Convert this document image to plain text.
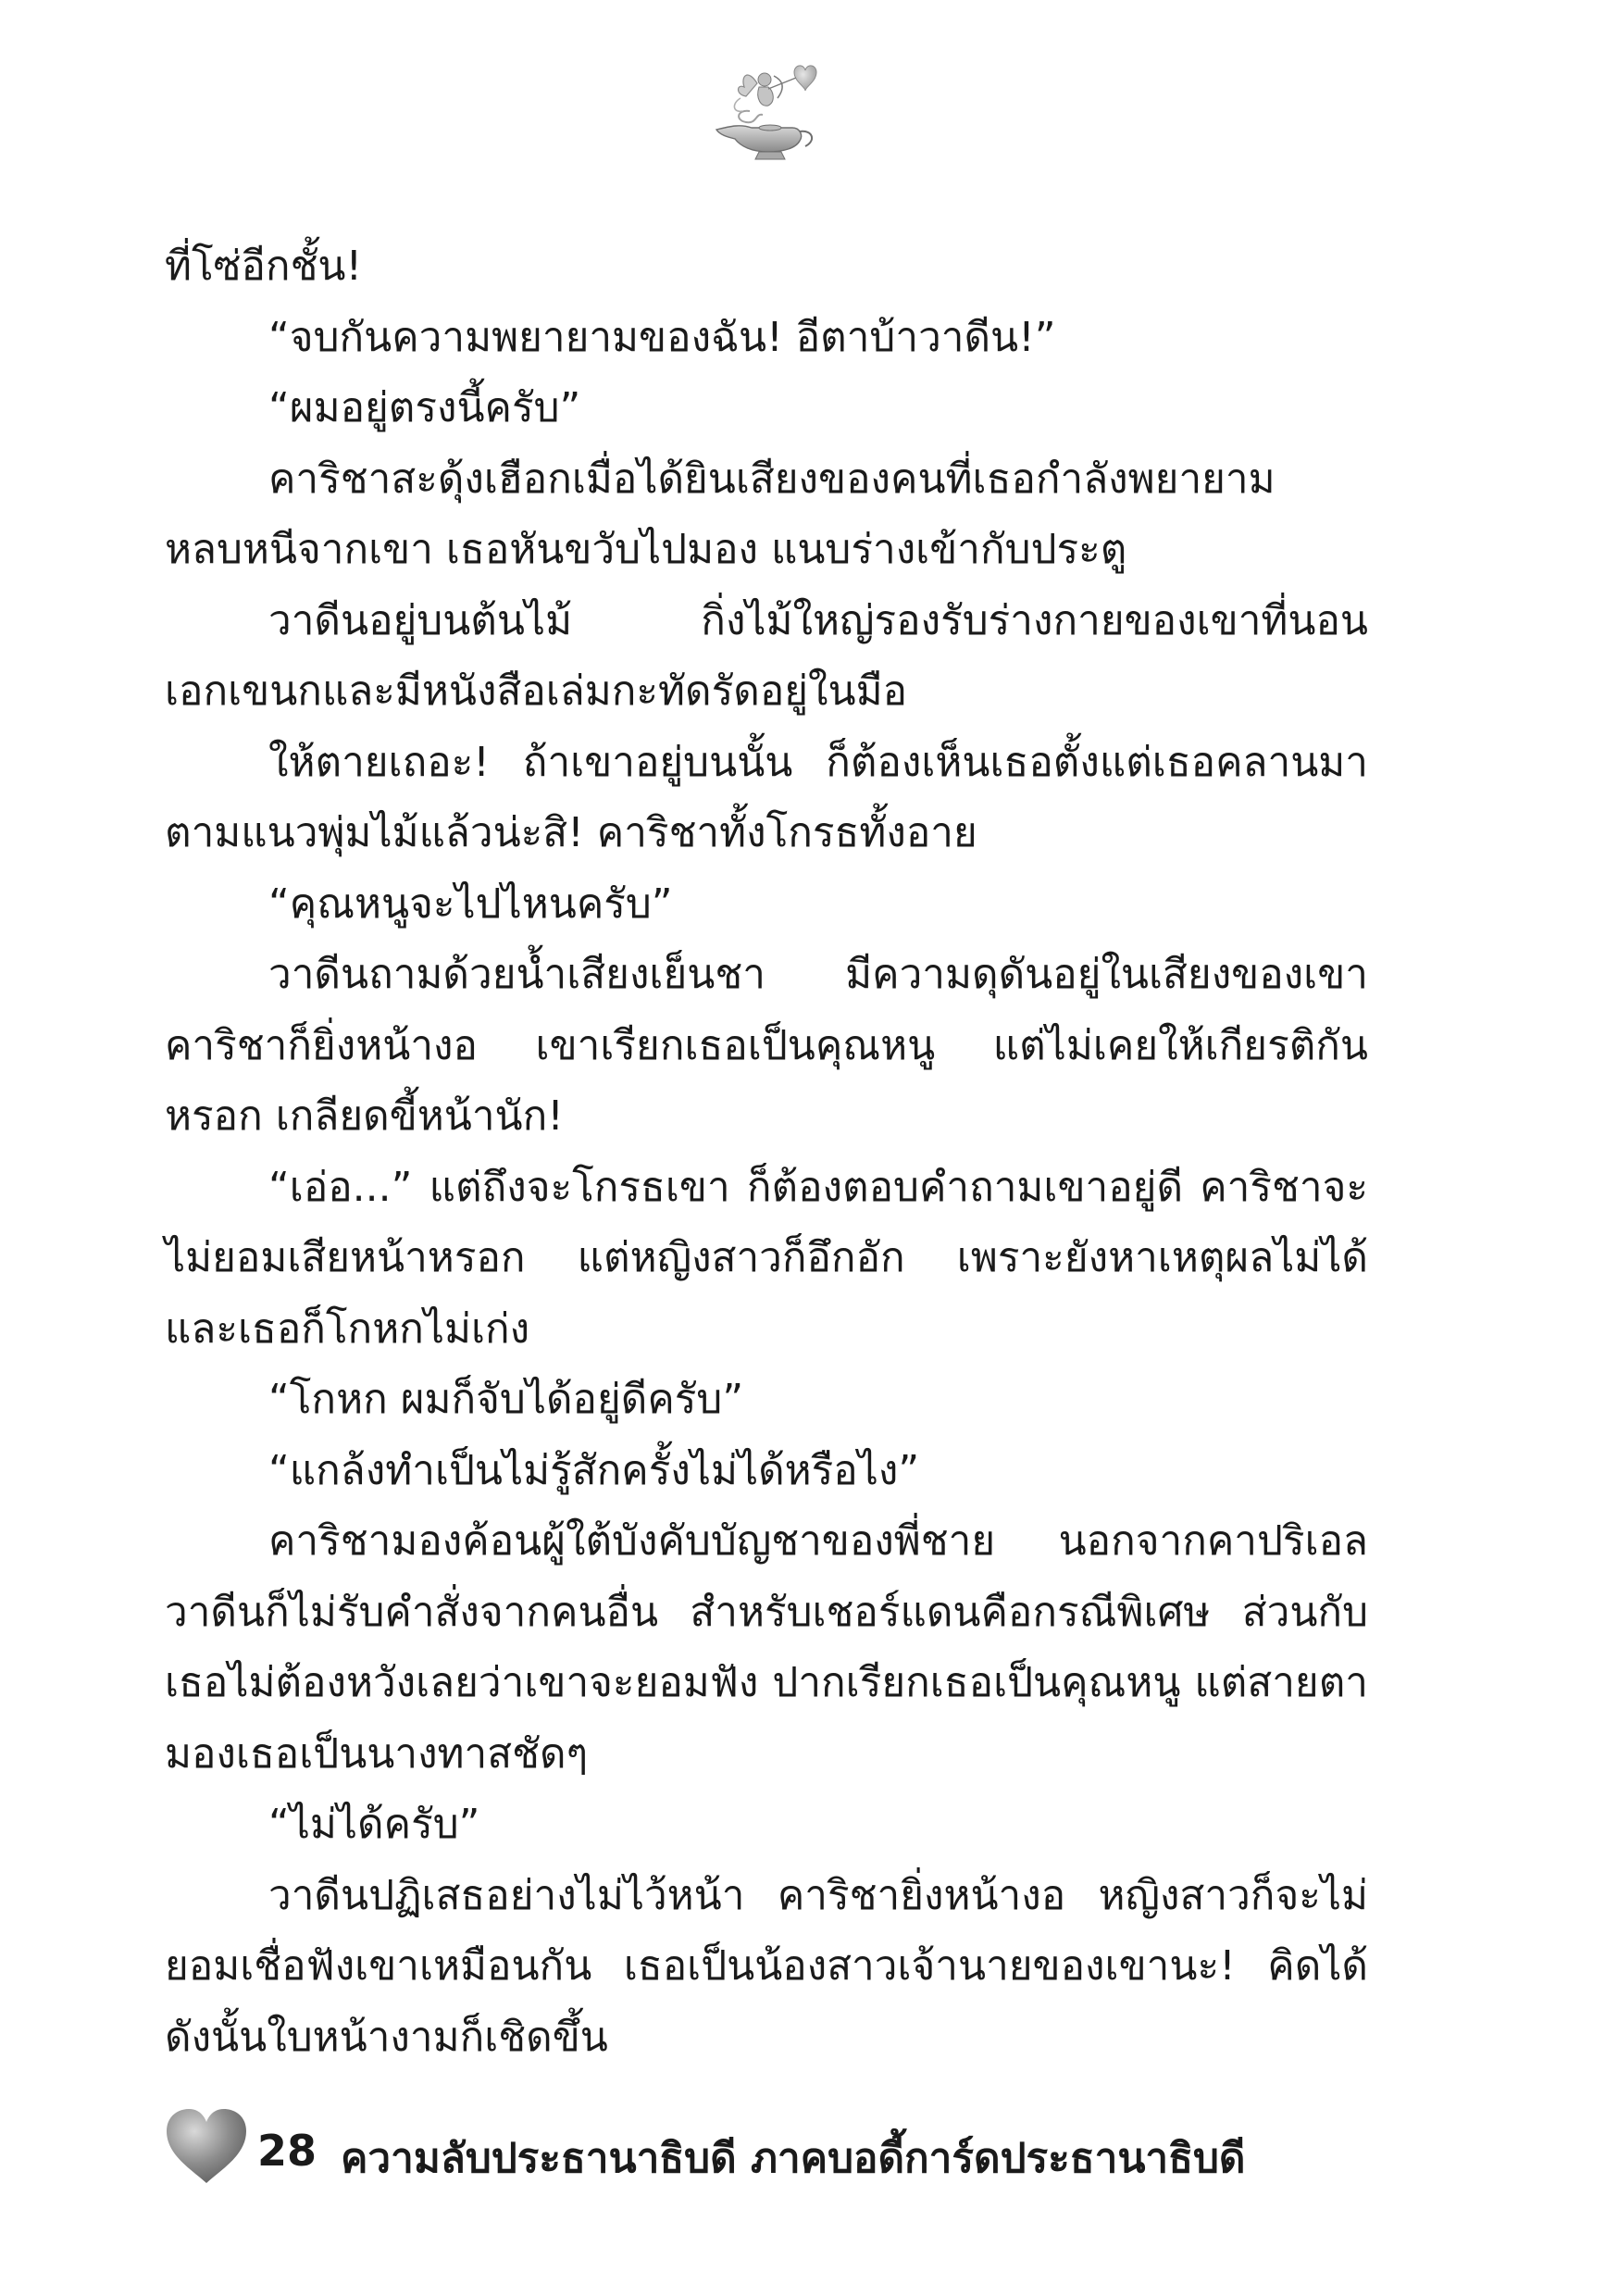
ที่โซ่อีกชั้น!
“จบกันความพยายามของฉัน! อีตาบ้าวาดีน!”
“ผมอยู่ตรงนี้ครับ”
คาริชาสะดุ้งเฮือกเมื่อได้ยินเสียงของคนที่เธอกำลังพยายาม
หลบหนีจากเขา เธอหันขวับไปมอง แนบร่างเข้ากับประตู
วาดีนอยู่บนต้นไม้ กิ่งไม้ใหญ่รองรับร่างกายของเขาที่นอน
เอกเขนกและมีหนังสือเล่มกะทัดรัดอยู่ในมือ
ให้ตายเถอะ! ถ้าเขาอยู่บนนั้น ก็ต้องเห็นเธอตั้งแต่เธอคลานมา
ตามแนวพุ่มไม้แล้วน่ะสิ! คาริชาทั้งโกรธทั้งอาย
“คุณหนูจะไปไหนครับ”
วาดีนถามด้วยน้ำเสียงเย็นชา มีความดุดันอยู่ในเสียงของเขา
คาริชาก็ยิ่งหน้างอ เขาเรียกเธอเป็นคุณหนู แต่ไม่เคยให้เกียรติกัน
หรอก เกลียดขี้หน้านัก!
“เอ่อ...” แต่ถึงจะโกรธเขา ก็ต้องตอบคำถามเขาอยู่ดี คาริชาจะ
ไม่ยอมเสียหน้าหรอก แต่หญิงสาวก็อึกอัก เพราะยังหาเหตุผลไม่ได้
และเธอก็โกหกไม่เก่ง
“โกหก ผมก็จับได้อยู่ดีครับ”
“แกล้งทำเป็นไม่รู้สักครั้งไม่ได้หรือไง”
คาริชามองค้อนผู้ใต้บังคับบัญชาของพี่ชาย นอกจากคาปริเอล
วาดีนก็ไม่รับคำสั่งจากคนอื่น สำหรับเชอร์แดนคือกรณีพิเศษ ส่วนกับ
เธอไม่ต้องหวังเลยว่าเขาจะยอมฟัง ปากเรียกเธอเป็นคุณหนู แต่สายตา
มองเธอเป็นนางทาสชัดๆ
“ไม่ได้ครับ”
วาดีนปฏิเสธอย่างไม่ไว้หน้า คาริชายิ่งหน้างอ หญิงสาวก็จะไม่
ยอมเชื่อฟังเขาเหมือนกัน เธอเป็นน้องสาวเจ้านายของเขานะ! คิดได้
ดังนั้นใบหน้างามก็เชิดขึ้น
28 ความลับประธานาธิบดี ภาคบอดี้การ์ดประธานาธิบดี
